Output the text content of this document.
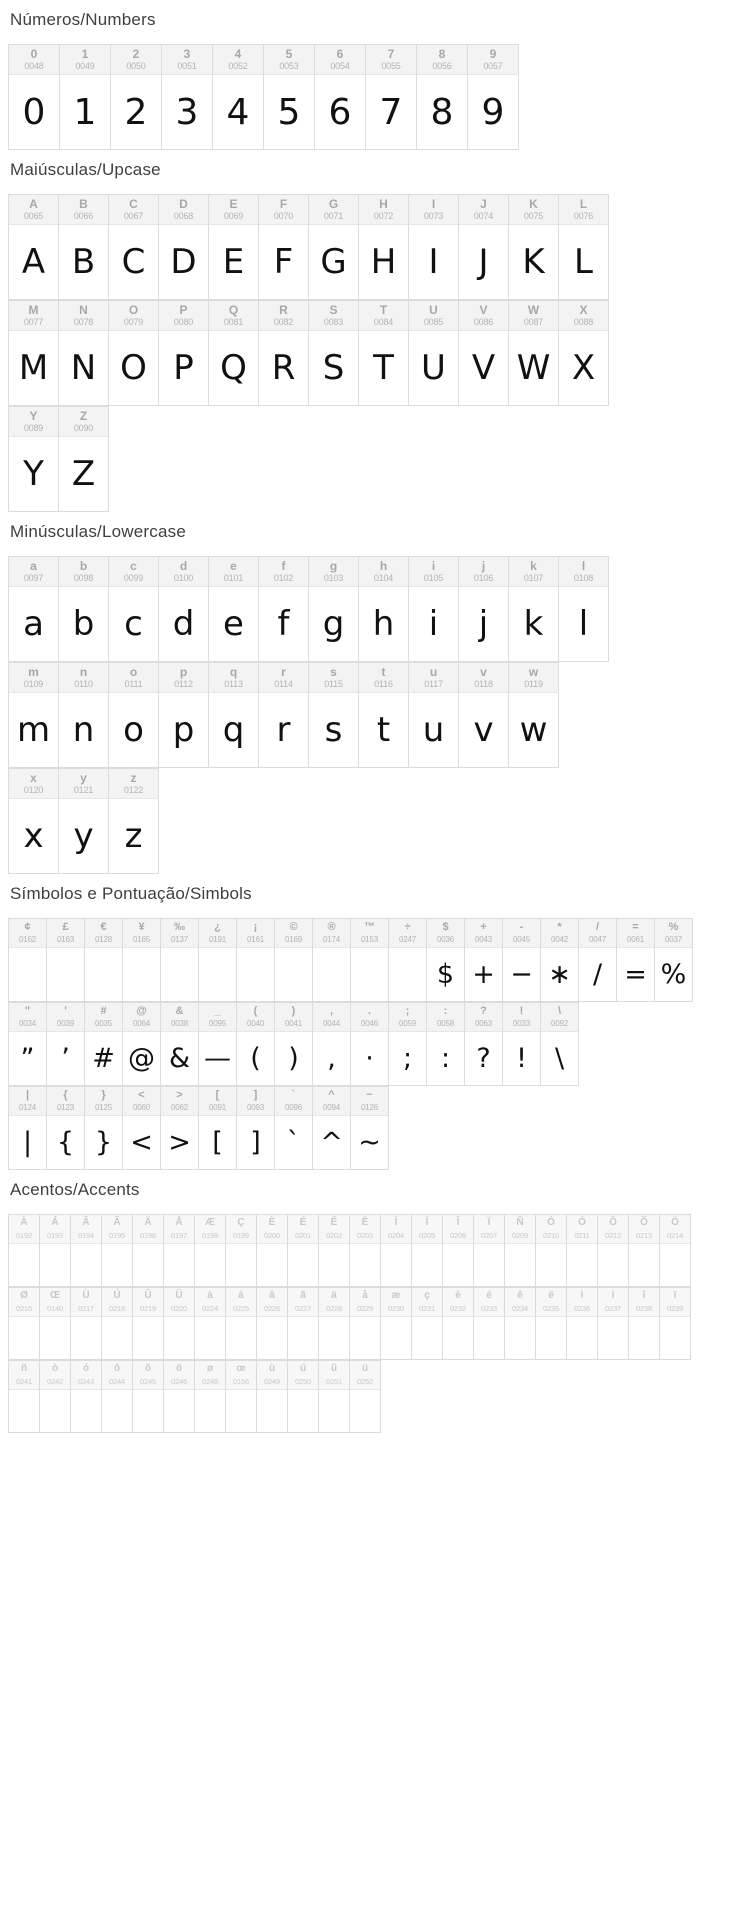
Números/Numbers
0
0048
0
1
0049
1
2
0050
2
3
0051
3
4
0052
4
5
0053
5
6
0054
6
7
0055
7
8
0056
8
9
0057
9
Maiúsculas/Upcase
A
0065
A
B
0066
B
C
0067
C
D
0068
D
E
0069
E
F
0070
F
G
0071
G
H
0072
H
I
0073
I
J
0074
J
K
0075
K
L
0076
L
M
0077
M
N
0078
N
O
0079
O
P
0080
P
Q
0081
Q
R
0082
R
S
0083
S
T
0084
T
U
0085
U
V
0086
V
W
0087
W
X
0088
X
Y
0089
Y
Z
0090
Z
Minúsculas/Lowercase
a
0097
a
b
0098
b
c
0099
c
d
0100
d
e
0101
e
f
0102
f
g
0103
g
h
0104
h
i
0105
i
j
0106
j
k
0107
k
l
0108
l
m
0109
m
n
0110
n
o
0111
o
p
0112
p
q
0113
q
r
0114
r
s
0115
s
t
0116
t
u
0117
u
v
0118
v
w
0119
w
x
0120
x
y
0121
y
z
0122
z
Símbolos e Pontuação/Simbols
¢
0162
£
0163
€
0128
¥
0165
‰
0137
¿
0191
¡
0161
©
0169
®
0174
™
0153
÷
0247
$
0036
$
+
0043
+
-
0045
−
*
0042
∗
/
0047
/
=
0061
=
%
0037
%
"
0034
”
'
0039
’
#
0035
#
@
0064
@
&
0038
&
_
0095
—
(
0040
(
)
0041
)
,
0044
,
.
0046
·
;
0059
;
:
0058
:
?
0063
?
!
0033
!
\
0092
\
|
0124
|
{
0123
{
}
0125
}
<
0060
<
>
0062
>
[
0091
[
]
0093
]
`
0096
`
^
0094
^
~
0126
~
Acentos/Accents
À
0192
Á
0193
Â
0194
Ã
0195
Ä
0196
Å
0197
Æ
0198
Ç
0199
È
0200
É
0201
Ê
0202
Ë
0203
Ì
0204
Í
0205
Î
0206
Ï
0207
Ñ
0209
Ò
0210
Ó
0211
Ô
0212
Õ
0213
Ö
0214
Ø
0216
Œ
0140
Ù
0217
Ú
0218
Û
0219
Ü
0220
à
0224
á
0225
â
0226
ã
0227
ä
0228
å
0229
æ
0230
ç
0231
è
0232
é
0233
ê
0234
ë
0235
ì
0236
í
0237
î
0238
ï
0239
ñ
0241
ò
0242
ó
0243
ô
0244
õ
0245
ö
0246
ø
0248
œ
0156
ù
0249
ú
0250
û
0251
ü
0252
